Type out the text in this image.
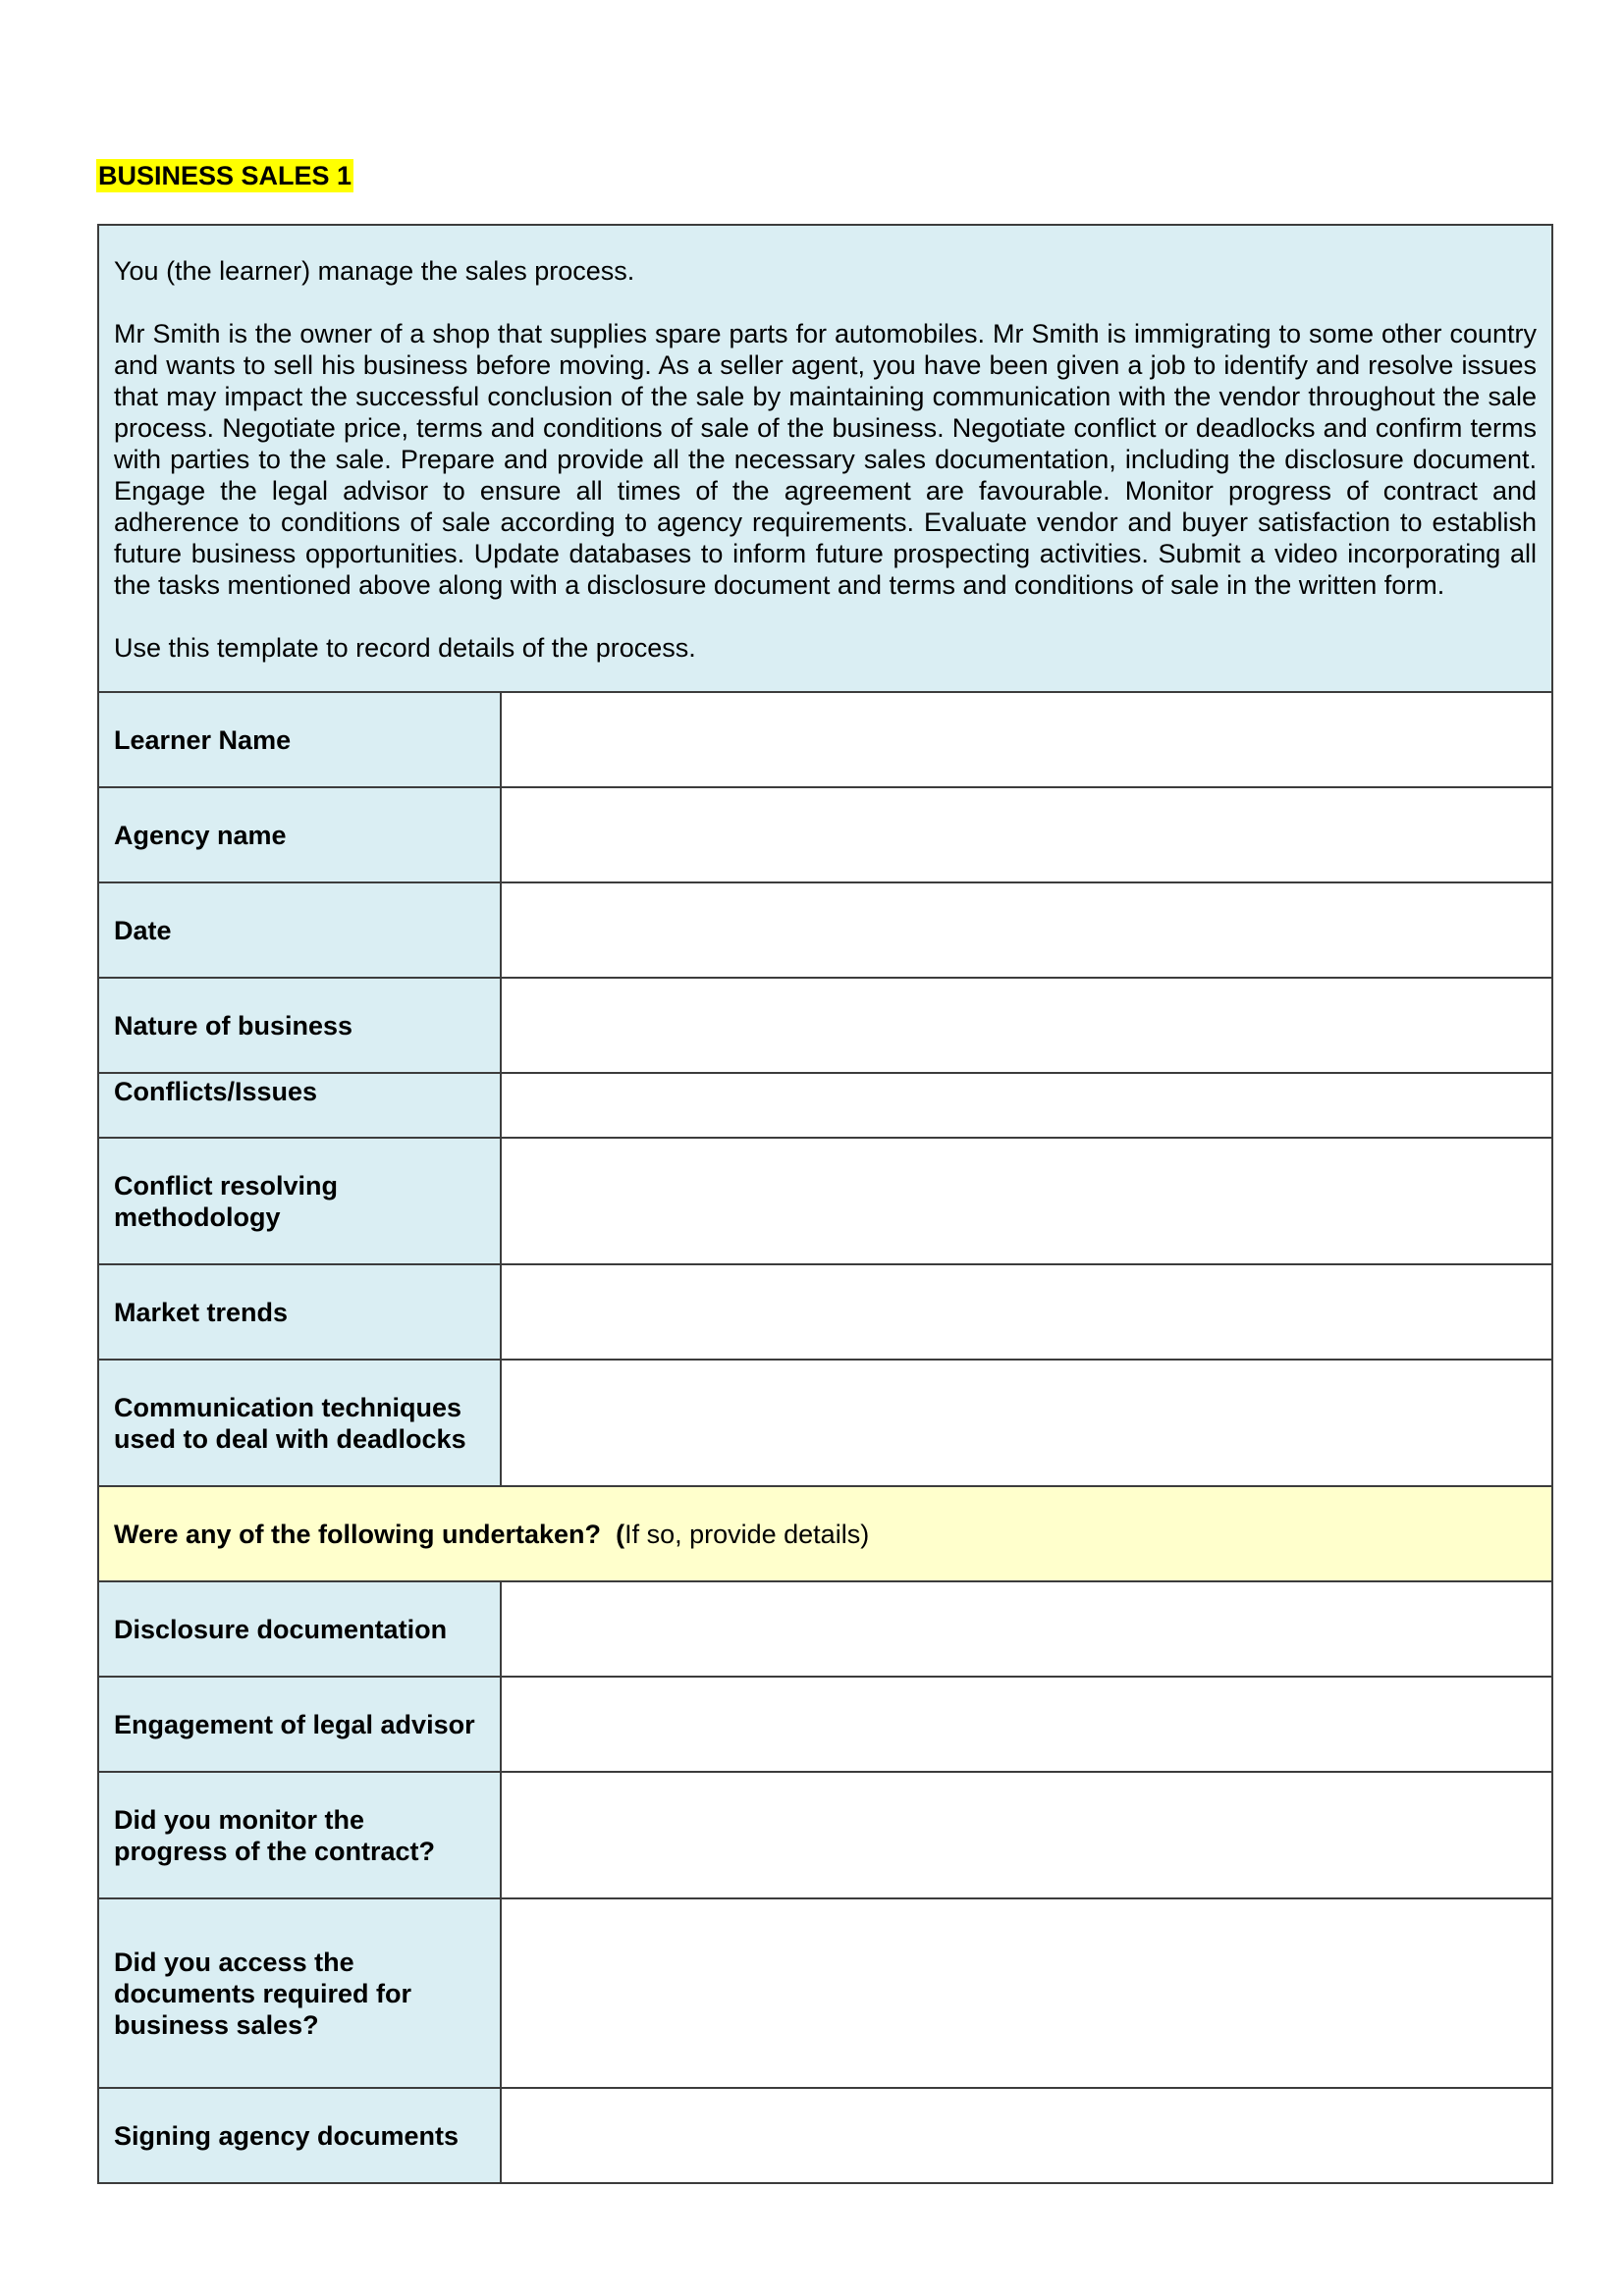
BUSINESS SALES 1

You (the learner) manage the sales process.

Mr Smith is the owner of a shop that supplies spare parts for automobiles. Mr Smith is immigrating to some other country and wants to sell his business before moving. As a seller agent, you have been given a job to identify and resolve issues that may impact the successful conclusion of the sale by maintaining communication with the vendor throughout the sale process. Negotiate price, terms and conditions of sale of the business. Negotiate conflict or deadlocks and confirm terms with parties to the sale. Prepare and provide all the necessary sales documentation, including the disclosure document. Engage the legal advisor to ensure all times of the agreement are favourable. Monitor progress of contract and adherence to conditions of sale according to agency requirements. Evaluate vendor and buyer satisfaction to establish future business opportunities. Update databases to inform future prospecting activities. Submit a video incorporating all the tasks mentioned above along with a disclosure document and terms and conditions of sale in the written form.

Use this template to record details of the process.	

Learner Name	
Agency name	
Date	
Nature of business	
Conflicts/Issues	
Conflict resolving methodology	
Market trends	
Communication techniques used to deal with deadlocks	
Were any of the following undertaken? (If so, provide details)	
Disclosure documentation	
Engagement of legal advisor	
Did you monitor the progress of the contract?	
Did you access the documents required for business sales?	
Signing agency documents	
